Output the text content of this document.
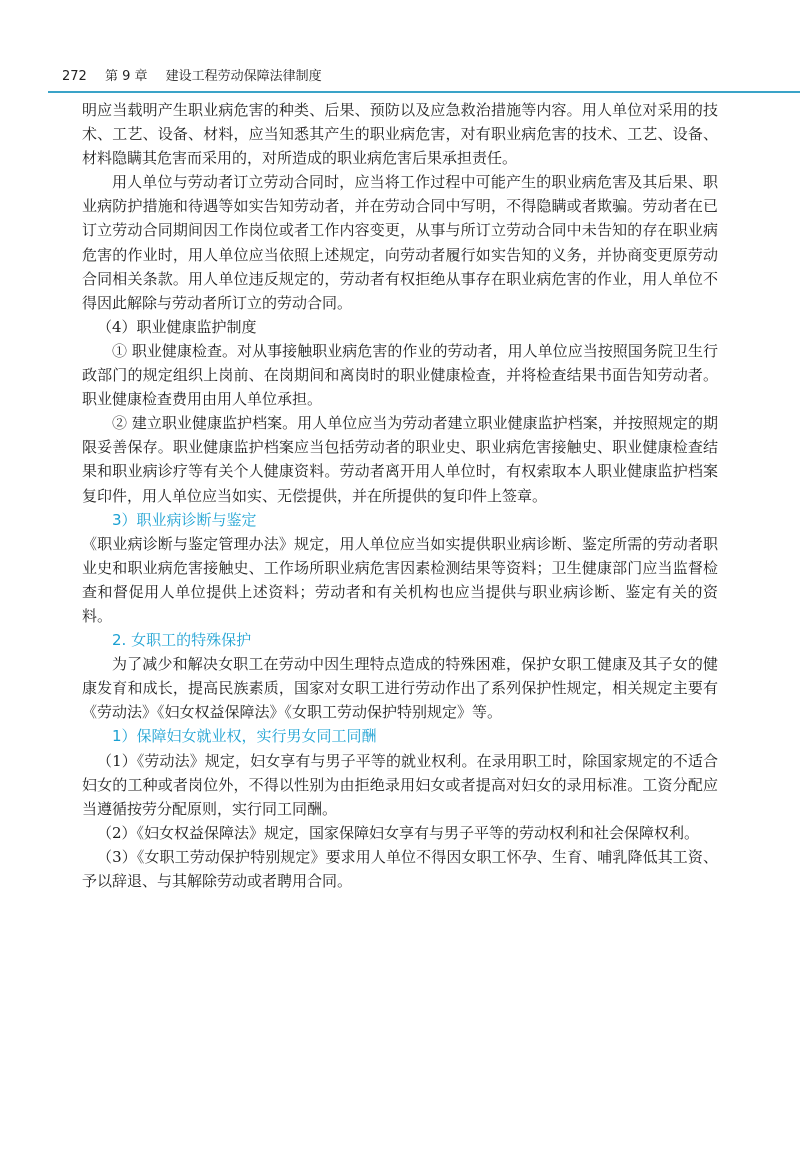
272 第 9 章 建设工程劳动保障法律制度

明应当载明产生职业病危害的种类、后果、预防以及应急救治措施等内容。用人单位对采用的技术、工艺、设备、材料，应当知悉其产生的职业病危害，对有职业病危害的技术、工艺、设备、材料隐瞒其危害而采用的，对所造成的职业病危害后果承担责任。

用人单位与劳动者订立劳动合同时，应当将工作过程中可能产生的职业病危害及其后果、职业病防护措施和待遇等如实告知劳动者，并在劳动合同中写明，不得隐瞒或者欺骗。劳动者在已订立劳动合同期间因工作岗位或者工作内容变更，从事与所订立劳动合同中未告知的存在职业病危害的作业时，用人单位应当依照上述规定，向劳动者履行如实告知的义务，并协商变更原劳动合同相关条款。用人单位违反规定的，劳动者有权拒绝从事存在职业病危害的作业，用人单位不得因此解除与劳动者所订立的劳动合同。

（4）职业健康监护制度

① 职业健康检查。对从事接触职业病危害的作业的劳动者，用人单位应当按照国务院卫生行政部门的规定组织上岗前、在岗期间和离岗时的职业健康检查，并将检查结果书面告知劳动者。职业健康检查费用由用人单位承担。

② 建立职业健康监护档案。用人单位应当为劳动者建立职业健康监护档案，并按照规定的期限妥善保存。职业健康监护档案应当包括劳动者的职业史、职业病危害接触史、职业健康检查结果和职业病诊疗等有关个人健康资料。劳动者离开用人单位时，有权索取本人职业健康监护档案复印件，用人单位应当如实、无偿提供，并在所提供的复印件上签章。

3）职业病诊断与鉴定

《职业病诊断与鉴定管理办法》规定，用人单位应当如实提供职业病诊断、鉴定所需的劳动者职业史和职业病危害接触史、工作场所职业病危害因素检测结果等资料；卫生健康部门应当监督检查和督促用人单位提供上述资料；劳动者和有关机构也应当提供与职业病诊断、鉴定有关的资料。

2. 女职工的特殊保护

为了减少和解决女职工在劳动中因生理特点造成的特殊困难，保护女职工健康及其子女的健康发育和成长，提高民族素质，国家对女职工进行劳动作出了系列保护性规定，相关规定主要有《劳动法》《妇女权益保障法》《女职工劳动保护特别规定》等。

1）保障妇女就业权，实行男女同工同酬

（1）《劳动法》规定，妇女享有与男子平等的就业权利。在录用职工时，除国家规定的不适合妇女的工种或者岗位外，不得以性别为由拒绝录用妇女或者提高对妇女的录用标准。工资分配应当遵循按劳分配原则，实行同工同酬。

（2）《妇女权益保障法》规定，国家保障妇女享有与男子平等的劳动权利和社会保障权利。

（3）《女职工劳动保护特别规定》要求用人单位不得因女职工怀孕、生育、哺乳降低其工资、予以辞退、与其解除劳动或者聘用合同。
